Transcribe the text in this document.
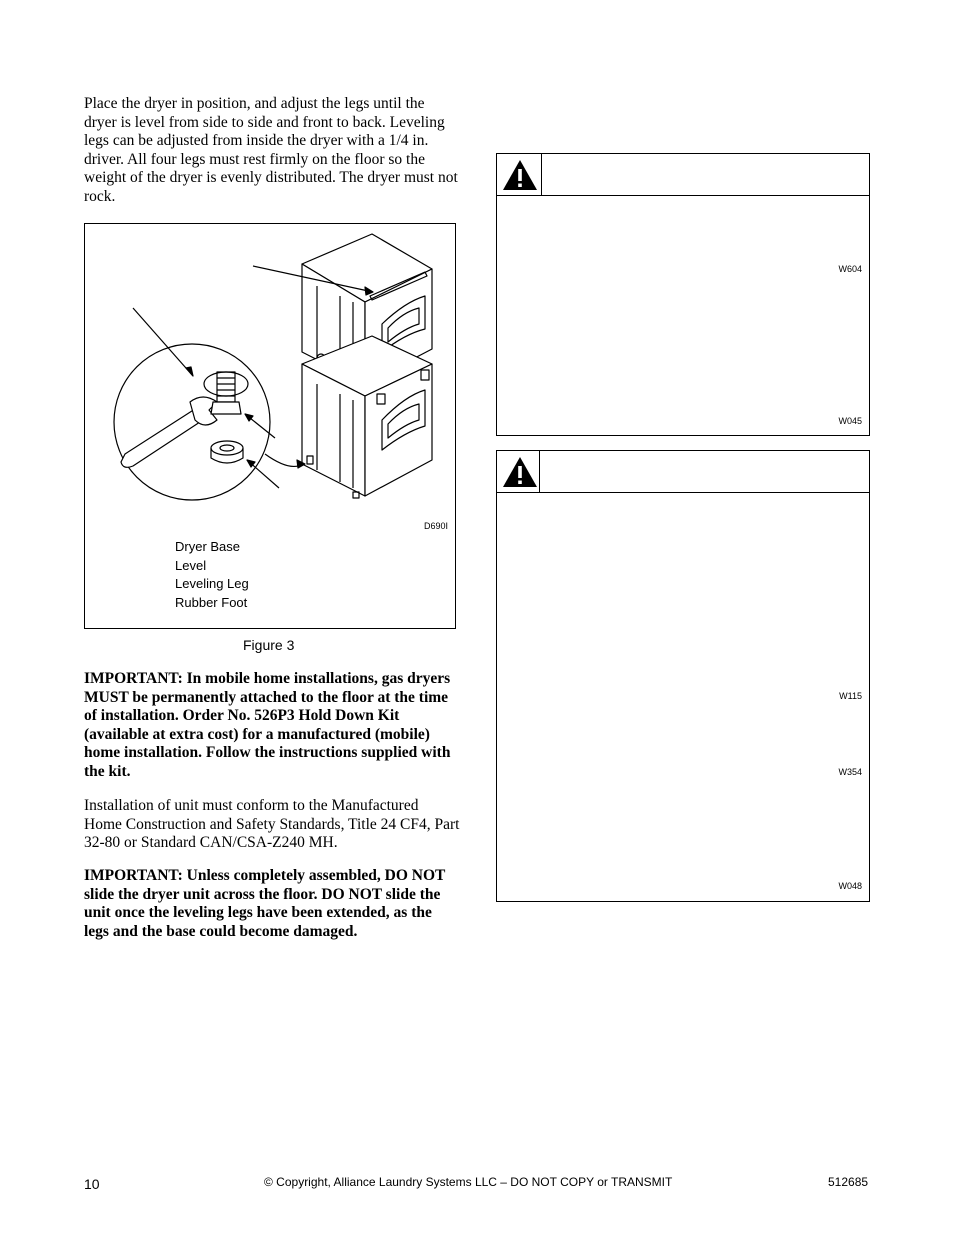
Place the dryer in position, and adjust the legs until the dryer is level from side to side and front to back. Leveling legs can be adjusted from inside the dryer with a 1/4 in. driver. All four legs must rest firmly on the floor so the weight of the dryer is evenly distributed. The dryer must not rock.

D690I
Dryer Base
Level
Leveling Leg
Rubber Foot
Figure 3

IMPORTANT: In mobile home installations, gas dryers MUST be permanently attached to the floor at the time of installation. Order No. 526P3 Hold Down Kit (available at extra cost) for a manufactured (mobile) home installation. Follow the instructions supplied with the kit.

Installation of unit must conform to the Manufactured Home Construction and Safety Standards, Title 24 CF4, Part 32-80 or Standard CAN/CSA-Z240 MH.

IMPORTANT: Unless completely assembled, DO NOT slide the dryer unit across the floor. DO NOT slide the unit once the leveling legs have been extended, as the legs and the base could become damaged.

W604
W045
W115
W354
W048
10	© Copyright, Alliance Laundry Systems LLC – DO NOT COPY or TRANSMIT	512685
